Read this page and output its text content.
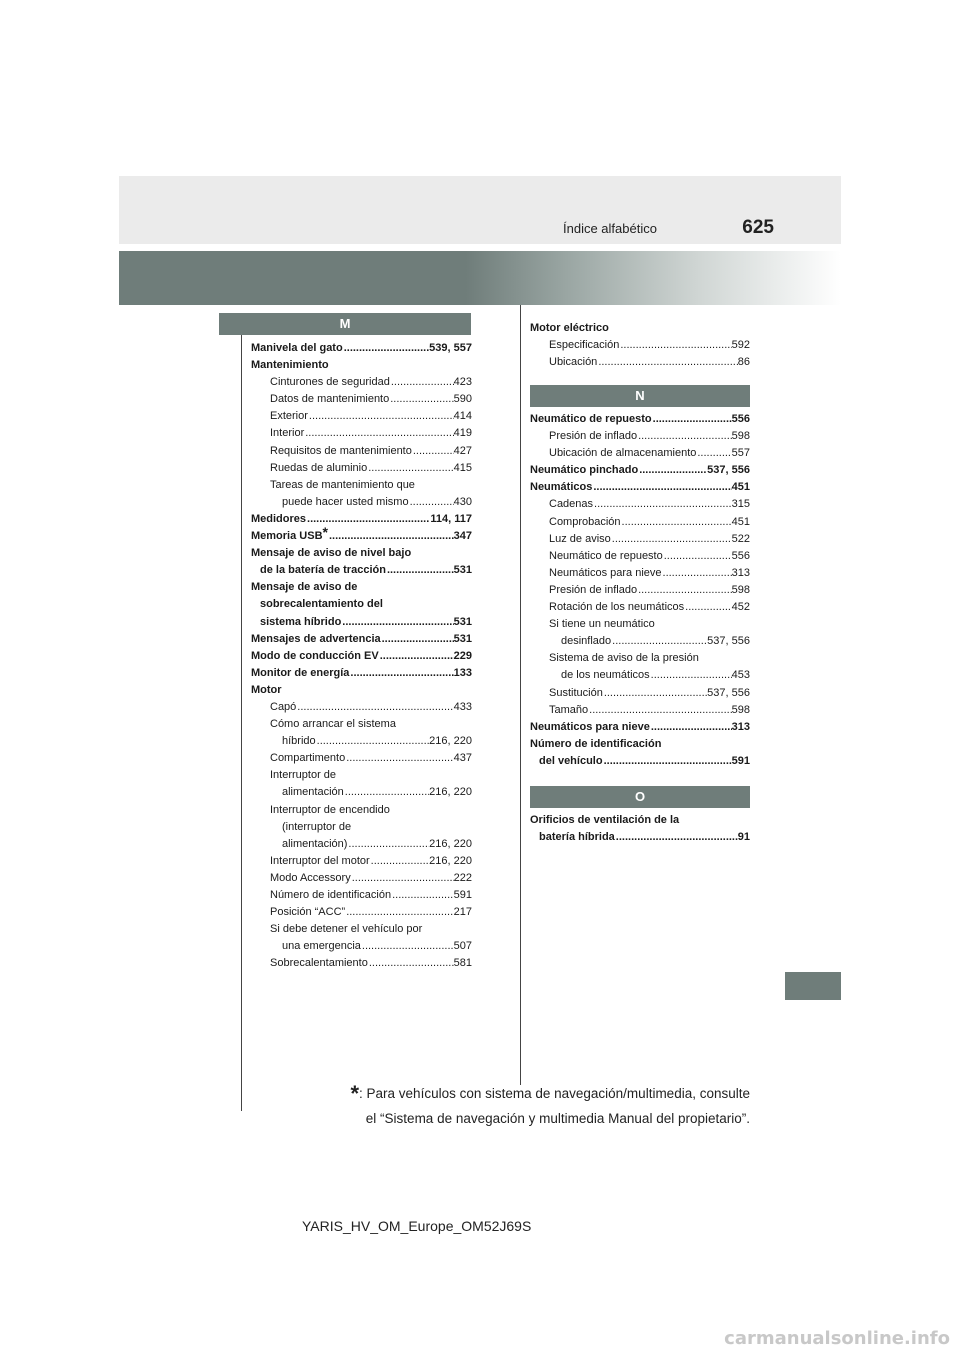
625
Índice alfabético
M
N
O
Manivela del gato .....	539, 557
Mantenimiento
Cinturones de seguridad .....	423
Datos de mantenimiento .....	590
Exterior .....	414
Interior .....	419
Requisitos de mantenimiento .....	427
Ruedas de aluminio .....	415
Tareas de mantenimiento que
puede hacer usted mismo .....	430
Medidores .....	114, 117
Memoria USB* .....	347
Mensaje de aviso de nivel bajo
de la batería de tracción .....	531
Mensaje de aviso de
sobrecalentamiento del
sistema híbrido .....	531
Mensajes de advertencia .....	531
Modo de conducción EV .....	229
Monitor de energía .....	133
Motor
Capó .....	433
Cómo arrancar el sistema
híbrido .....	216, 220
Compartimento .....	437
Interruptor de
alimentación .....	216, 220
Interruptor de encendido
(interruptor de
alimentación) .....	216, 220
Interruptor del motor .....	216, 220
Modo Accessory .....	222
Número de identificación .....	591
Posición “ACC” .....	217
Si debe detener el vehículo por
una emergencia .....	507
Sobrecalentamiento .....	581
Motor eléctrico
Especificación .....	592
Ubicación .....	86
Neumático de repuesto .....	556
Presión de inflado .....	598
Ubicación de almacenamiento .....	557
Neumático pinchado .....	537, 556
Neumáticos .....	451
Cadenas .....	315
Comprobación .....	451
Luz de aviso .....	522
Neumático de repuesto .....	556
Neumáticos para nieve .....	313
Presión de inflado .....	598
Rotación de los neumáticos .....	452
Si tiene un neumático
desinflado .....	537, 556
Sistema de aviso de la presión
de los neumáticos .....	453
Sustitución .....	537, 556
Tamaño .....	598
Neumáticos para nieve .....	313
Número de identificación
del vehículo .....	591
Orificios de ventilación de la
batería híbrida .....	91
*: Para vehículos con sistema de navegación/multimedia, consulte
el “Sistema de navegación y multimedia Manual del propietario”.
YARIS_HV_OM_Europe_OM52J69S
carmanualsonline.info
